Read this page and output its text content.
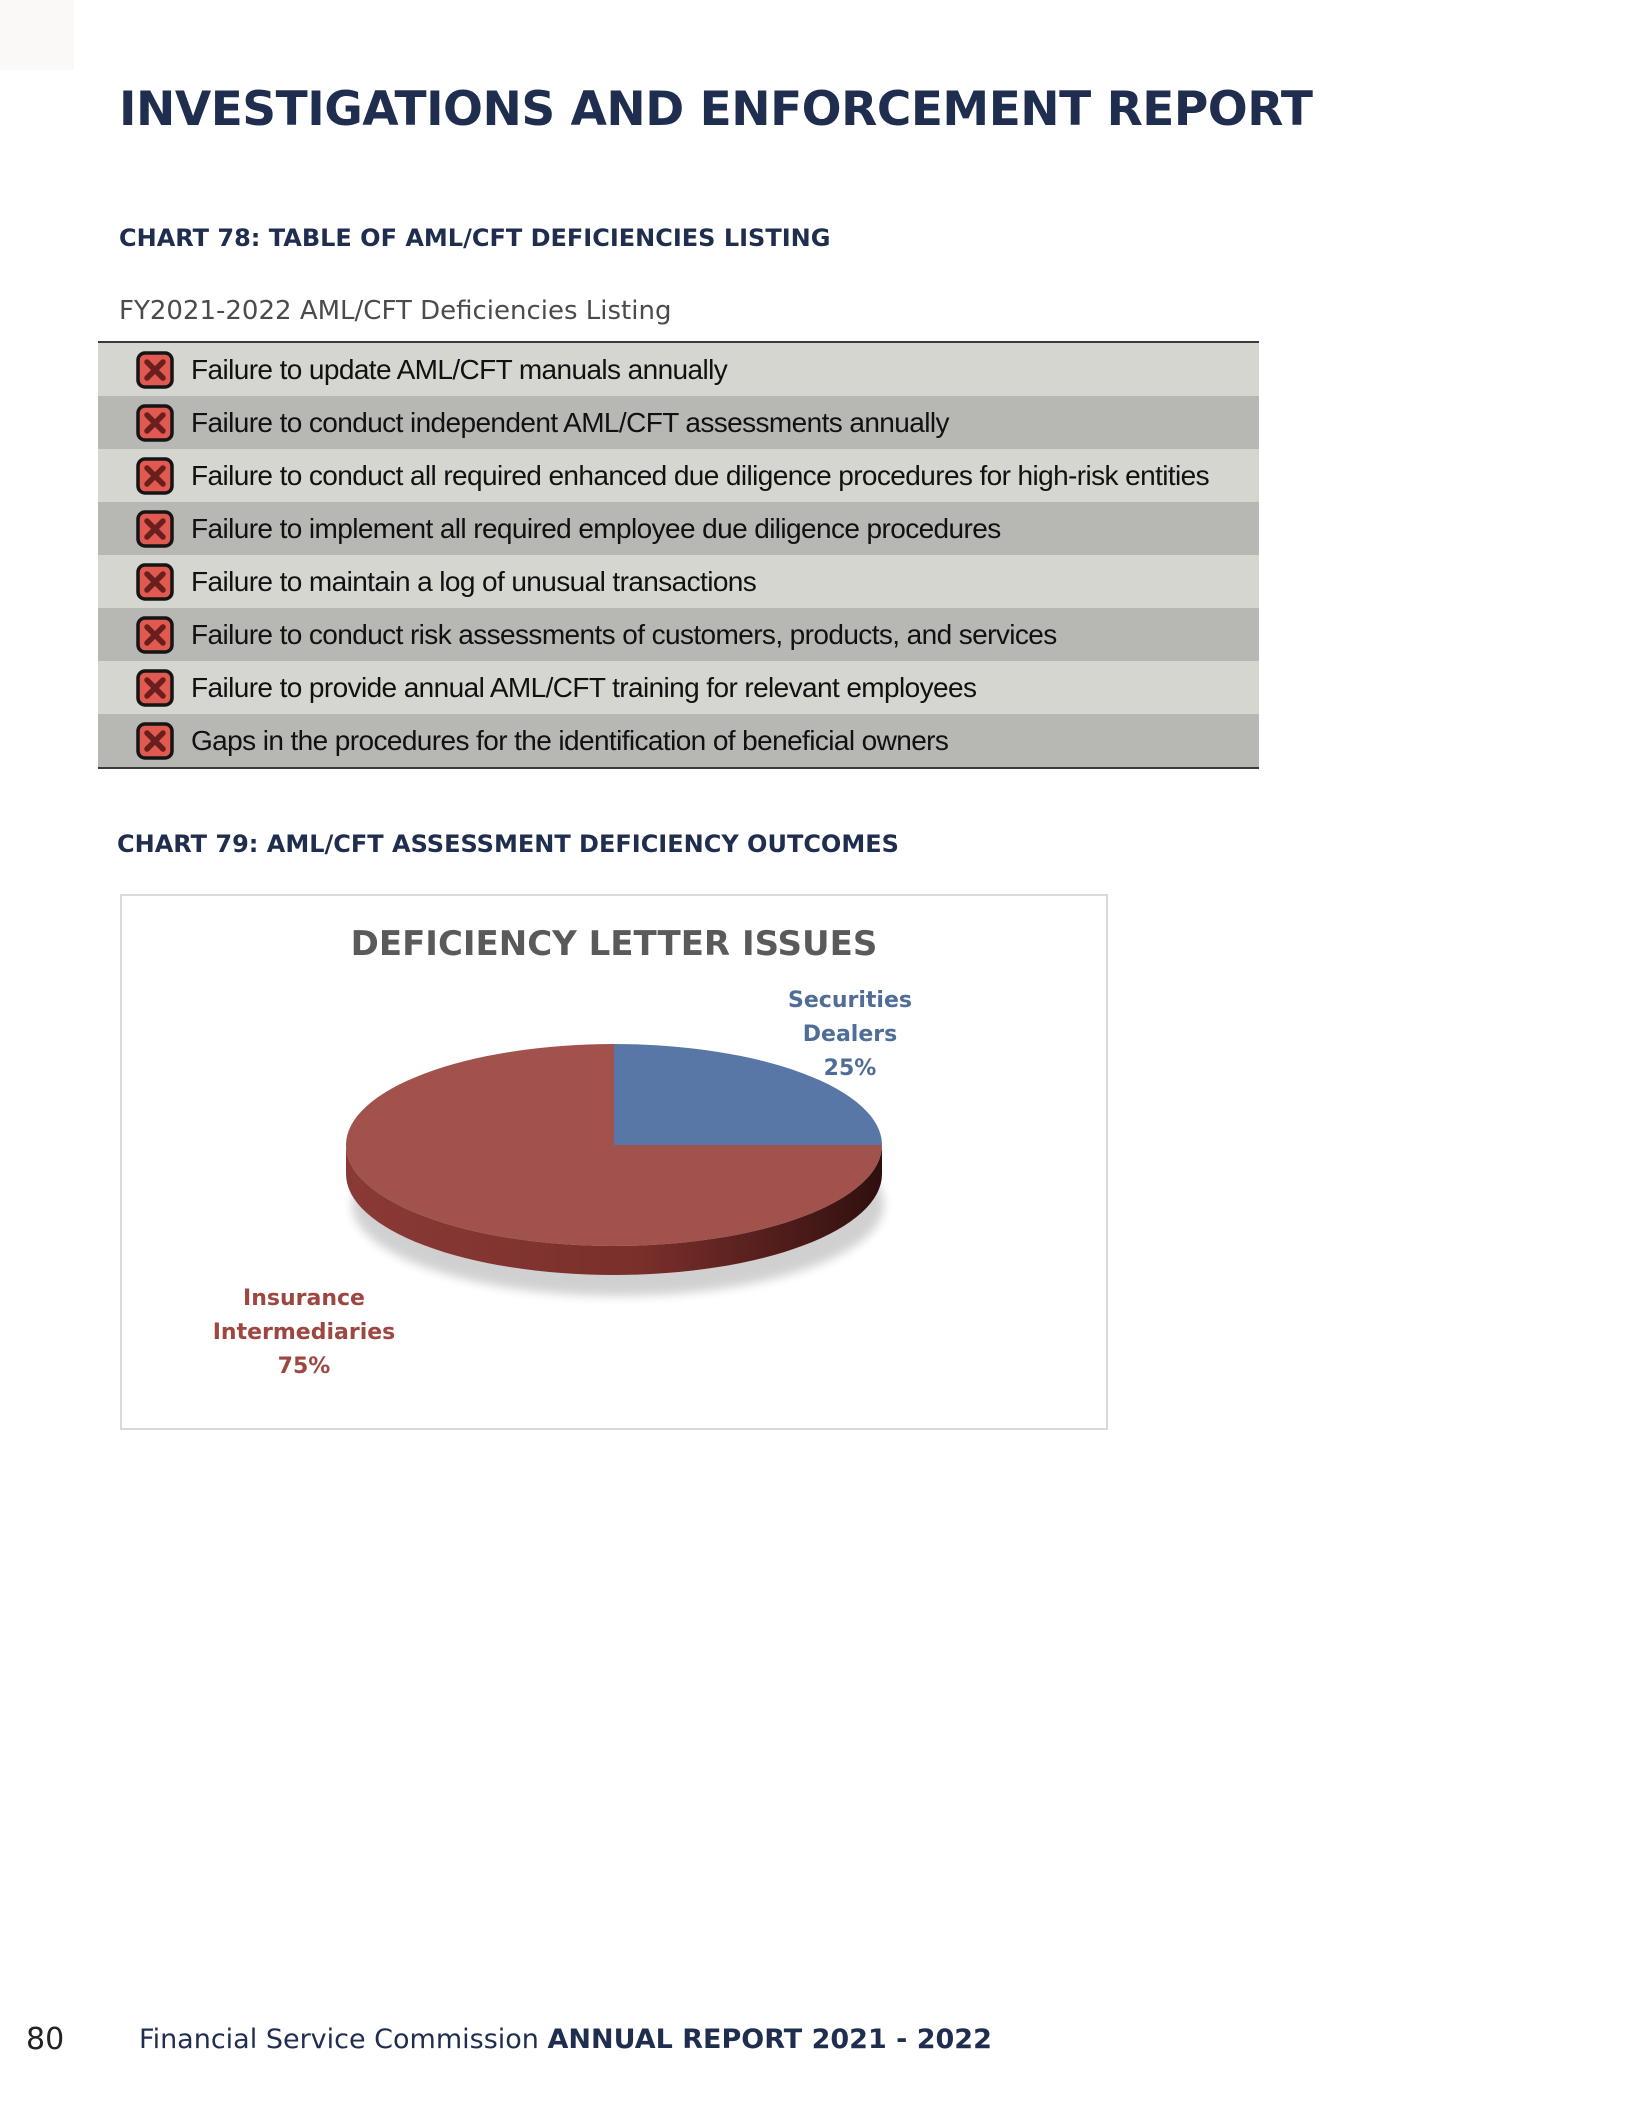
INVESTIGATIONS AND ENFORCEMENT REPORT
CHART 78: TABLE OF AML/CFT DEFICIENCIES LISTING
FY2021-2022 AML/CFT Deficiencies Listing
Failure to update AML/CFT manuals annually
Failure to conduct independent AML/CFT assessments annually
Failure to conduct all required enhanced due diligence procedures for high-risk entities
Failure to implement all required employee due diligence procedures
Failure to maintain a log of unusual transactions
Failure to conduct risk assessments of customers, products, and services
Failure to provide annual AML/CFT training for relevant employees
Gaps in the procedures for the identification of beneficial owners
CHART 79: AML/CFT ASSESSMENT DEFICIENCY OUTCOMES
DEFICIENCY LETTER ISSUES
Securities
Dealers
25%
Insurance
Intermediaries
75%
80	Financial Service Commission ANNUAL REPORT 2021 - 2022
